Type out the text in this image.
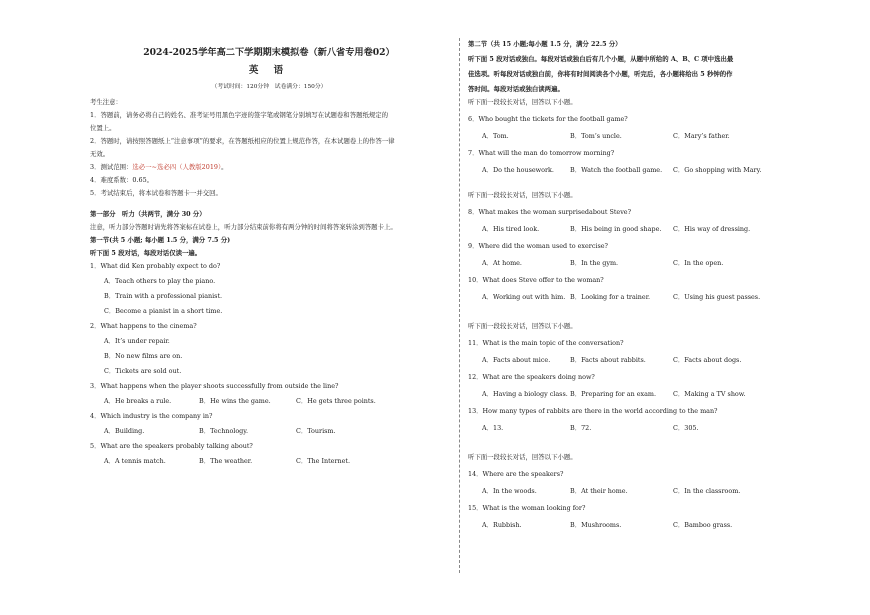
2024-2025学年高二下学期期末模拟卷（新八省专用卷02）
英 语
（考试时间：120分钟　试卷满分：150分）

考生注意：

1．答题前，请务必将自己的姓名、准考证号用黑色字迹的签字笔或钢笔分别填写在试题卷和答题纸规定的

位置上。

2．答题时，请按照答题纸上“注意事项”的要求，在答题纸相应的位置上规范作答，在本试题卷上的作答一律

无效。

3．测试范围：选必一~选必四（人教版2019）。

4．难度系数：0.65。

5．考试结束后，将本试卷和答题卡一并交回。

第一部分　听力（共两节，满分 30 分）

注意，听力部分答题时请先将答案标在试卷上，听力部分结束前你将有两分钟的时间将答案转涂到答题卡上。

第一节(共 5 小题; 每小题 1.5 分，满分 7.5 分)

听下面 5 段对话，每段对话仅读一遍。

1．What did Ken probably expect to do?

A．Teach others to play the piano.

B．Train with a professional pianist.

C．Become a pianist in a short time.

2．What happens to the cinema?

A．It’s under repair.

B．No new films are on.

C．Tickets are sold out.

3．What happens when the player shoots successfully from outside the line?

A．He breaks a rule.	B．He wins the game.	C．He gets three points.

4．Which industry is the company in?

A．Building.	B．Technology.	C．Tourism.

5．What are the speakers probably talking about?

A．A tennis match.	B．The weather.	C．The Internet.

第二节（共 15 小题;每小题 1.5 分，满分 22.5 分）

听下面 5 段对话或独白。每段对话或独白后有几个小题，从题中所给的 A、B、C 项中选出最

佳选项。听每段对话或独白前，你将有时间阅读各个小题，听完后，各小题将给出 5 秒钟的作

答时间。每段对话或独白读两遍。

听下面一段较长对话，回答以下小题。

6．Who bought the tickets for the football game?

A．Tom.	B．Tom’s uncle.	C．Mary’s father.

7．What will the man do tomorrow morning?

A．Do the housework.	B．Watch the football game.	C．Go shopping with Mary.

听下面一段较长对话，回答以下小题。

8．What makes the woman surprisedabout Steve?

A．His tired look.	B．His being in good shape.	C．His way of dressing.

9．Where did the woman used to exercise?

A．At home.	B．In the gym.	C．In the open.

10．What does Steve offer to the woman?

A．Working out with him. B．Looking for a trainer.	C．Using his guest passes.

听下面一段较长对话，回答以下小题。

11．What is the main topic of the conversation?

A．Facts about mice.	B．Facts about rabbits.	C．Facts about dogs.

12．What are the speakers doing now?

A．Having a biology class. B．Preparing for an exam.	C．Making a TV show.

13．How many types of rabbits are there in the world according to the man?

A．13.	B．72.	C．305.

听下面一段较长对话，回答以下小题。

14．Where are the speakers?

A．In the woods.	B．At their home.	C．In the classroom.

15．What is the woman looking for?

A．Rubbish.	B．Mushrooms.	C．Bamboo grass.
